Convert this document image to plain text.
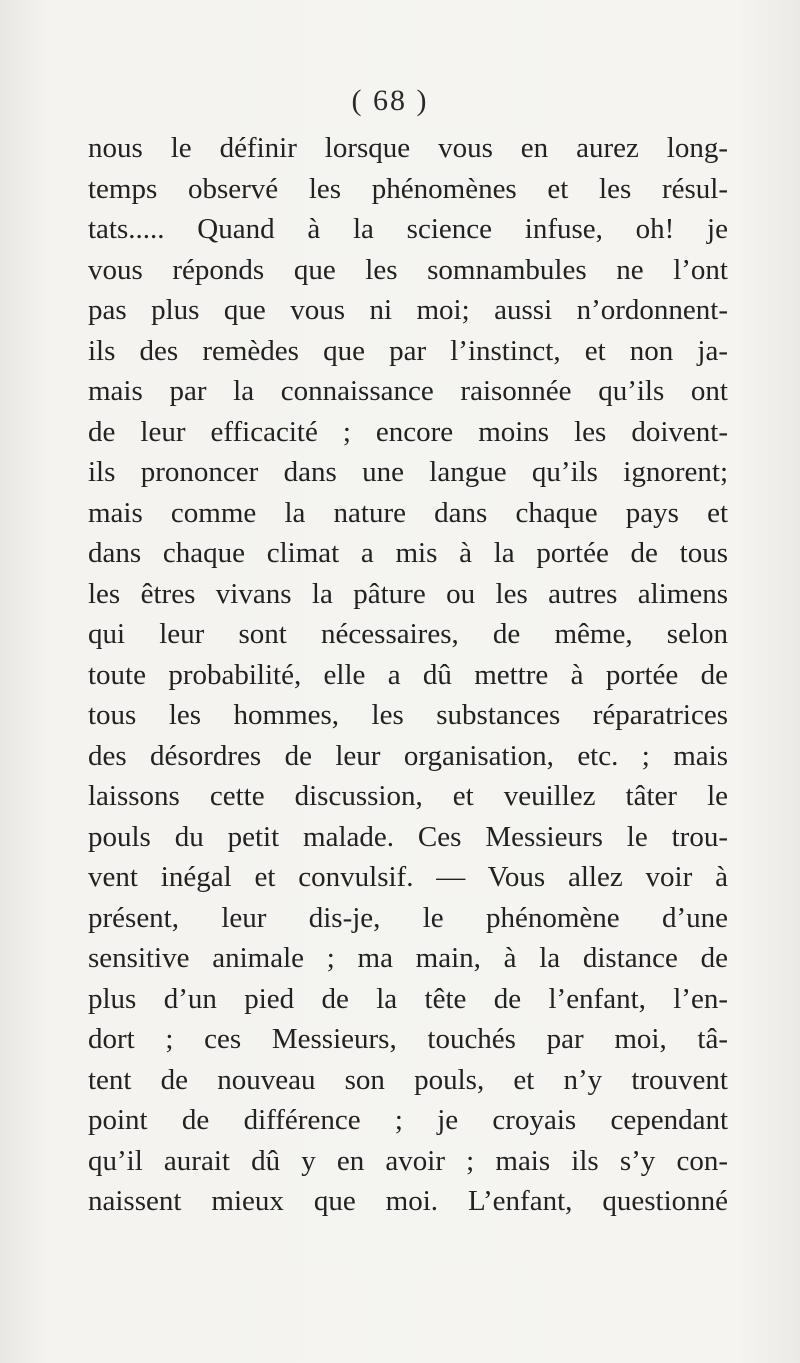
( 68 )
nous le définir lorsque vous en aurez long-
temps observé les phénomènes et les résul-
tats..... Quand à la science infuse, oh! je
vous réponds que les somnambules ne l’ont
pas plus que vous ni moi; aussi n’ordonnent-
ils des remèdes que par l’instinct, et non ja-
mais par la connaissance raisonnée qu’ils ont
de leur efficacité ; encore moins les doivent-
ils prononcer dans une langue qu’ils ignorent;
mais comme la nature dans chaque pays et
dans chaque climat a mis à la portée de tous
les êtres vivans la pâture ou les autres alimens
qui leur sont nécessaires, de même, selon
toute probabilité, elle a dû mettre à portée de
tous les hommes, les substances réparatrices
des désordres de leur organisation, etc. ; mais
laissons cette discussion, et veuillez tâter le
pouls du petit malade. Ces Messieurs le trou-
vent inégal et convulsif. — Vous allez voir à
présent, leur dis-je, le phénomène d’une
sensitive animale ; ma main, à la distance de
plus d’un pied de la tête de l’enfant, l’en-
dort ; ces Messieurs, touchés par moi, tâ-
tent de nouveau son pouls, et n’y trouvent
point de différence ; je croyais cependant
qu’il aurait dû y en avoir ; mais ils s’y con-
naissent mieux que moi. L’enfant, questionné
